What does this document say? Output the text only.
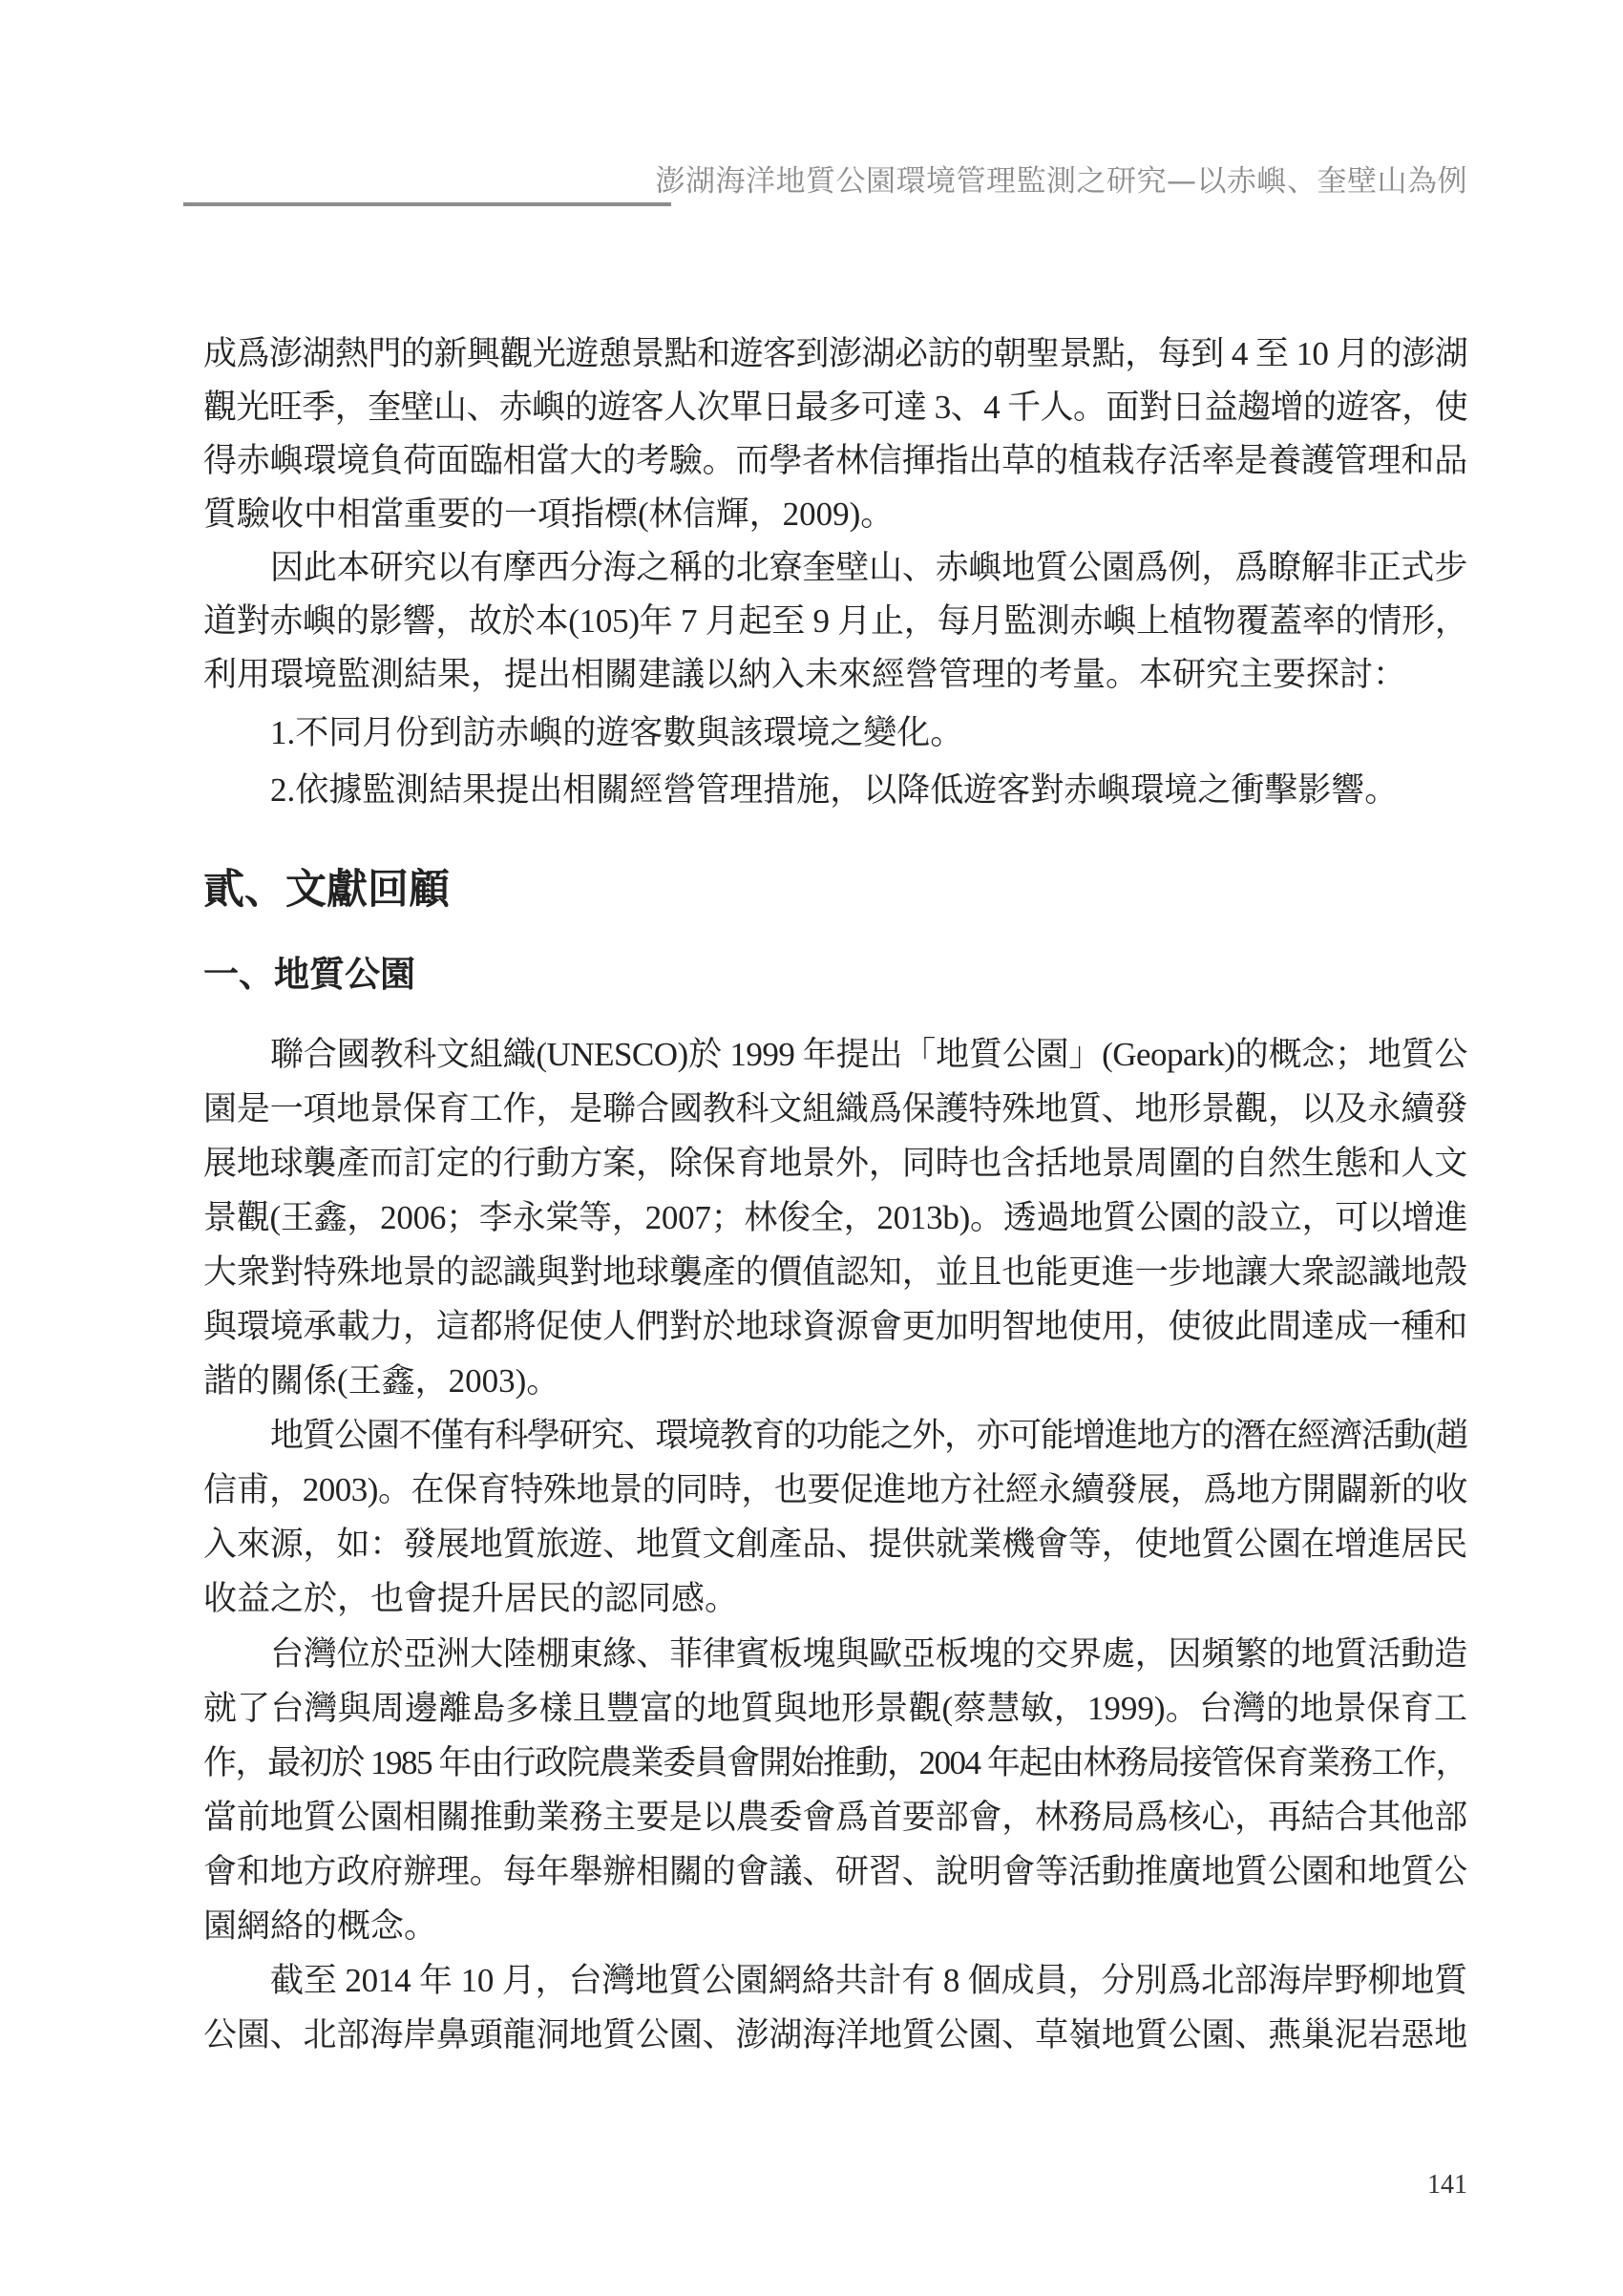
澎湖海洋地質公園環境管理監測之研究—以赤嶼、奎壁山為例
成爲澎湖熱門的新興觀光遊憩景點和遊客到澎湖必訪的朝聖景點，每到 4 至 10 月的澎湖
觀光旺季，奎壁山、赤嶼的遊客人次單日最多可達 3、4 千人。面對日益趨增的遊客，使
得赤嶼環境負荷面臨相當大的考驗。而學者林信揮指出草的植栽存活率是養護管理和品
質驗收中相當重要的一項指標(林信輝，2009)。
因此本研究以有摩西分海之稱的北寮奎壁山、赤嶼地質公園爲例，爲瞭解非正式步
道對赤嶼的影響，故於本(105)年 7 月起至 9 月止，每月監測赤嶼上植物覆蓋率的情形，
利用環境監測結果，提出相關建議以納入未來經營管理的考量。本研究主要探討：
1.不同月份到訪赤嶼的遊客數與該環境之變化。
2.依據監測結果提出相關經營管理措施，以降低遊客對赤嶼環境之衝擊影響。
貳、文獻回顧
一、地質公園
聯合國教科文組織(UNESCO)於 1999 年提出「地質公園」(Geopark)的概念；地質公
園是一項地景保育工作，是聯合國教科文組織爲保護特殊地質、地形景觀，以及永續發
展地球襲產而訂定的行動方案，除保育地景外，同時也含括地景周圍的自然生態和人文
景觀(王鑫，2006；李永棠等，2007；林俊全，2013b)。透過地質公園的設立，可以增進
大衆對特殊地景的認識與對地球襲產的價值認知，並且也能更進一步地讓大衆認識地殼
與環境承載力，這都將促使人們對於地球資源會更加明智地使用，使彼此間達成一種和
諧的關係(王鑫，2003)。
地質公園不僅有科學研究、環境教育的功能之外，亦可能增進地方的潛在經濟活動(趙
信甫，2003)。在保育特殊地景的同時，也要促進地方社經永續發展，爲地方開闢新的收
入來源，如：發展地質旅遊、地質文創產品、提供就業機會等，使地質公園在增進居民
收益之於，也會提升居民的認同感。
台灣位於亞洲大陸棚東緣、菲律賓板塊與歐亞板塊的交界處，因頻繁的地質活動造
就了台灣與周邊離島多樣且豐富的地質與地形景觀(蔡慧敏，1999)。台灣的地景保育工
作，最初於 1985 年由行政院農業委員會開始推動，2004 年起由林務局接管保育業務工作，
當前地質公園相關推動業務主要是以農委會爲首要部會，林務局爲核心，再結合其他部
會和地方政府辦理。每年舉辦相關的會議、研習、說明會等活動推廣地質公園和地質公
園網絡的概念。
截至 2014 年 10 月，台灣地質公園網絡共計有 8 個成員，分別爲北部海岸野柳地質
公園、北部海岸鼻頭龍洞地質公園、澎湖海洋地質公園、草嶺地質公園、燕巢泥岩惡地
141
